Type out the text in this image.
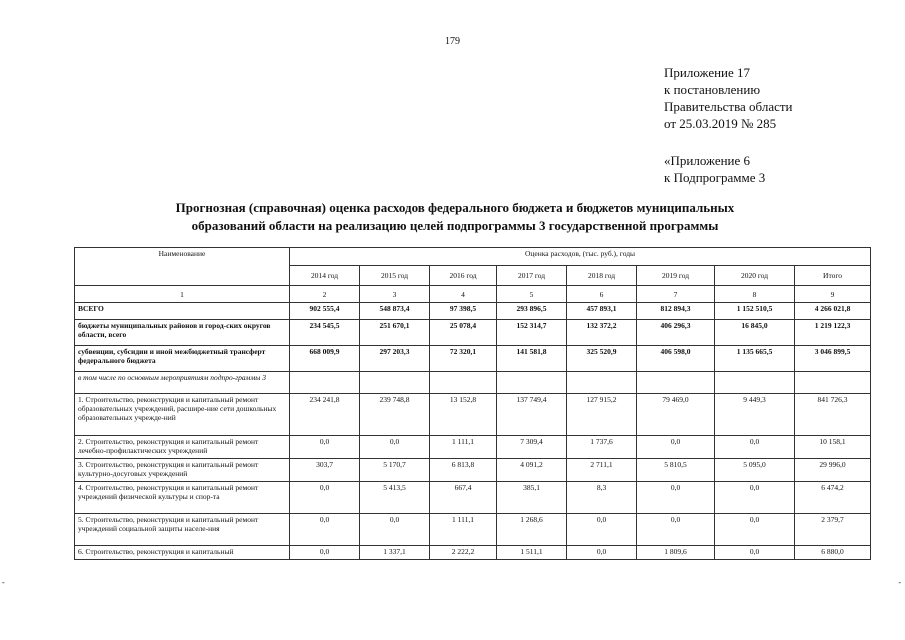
179
Приложение 17
к постановлению
Правительства области
от 25.03.2019 № 285
«Приложение 6
к Подпрограмме 3
Прогнозная (справочная) оценка расходов федерального бюджета и бюджетов муниципальных
образований области на реализацию целей подпрограммы 3 государственной программы
Наименование	Оценка расходов, (тыс. руб.), годы							
	2014 год	2015 год	2016 год	2017 год	2018 год	2019 год	2020 год	Итого
1	2	3	4	5	6	7	8	9
ВСЕГО	902 555,4	548 873,4	97 398,5	293 896,5	457 893,1	812 894,3	1 152 510,5	4 266 021,8
бюджеты муниципальных районов и город-ских округов области, всего	234 545,5	251 670,1	25 078,4	152 314,7	132 372,2	406 296,3	16 845,0	1 219 122,3
субвенции, субсидии и иной межбюджетный трансферт федерального бюджета	668 009,9	297 203,3	72 320,1	141 581,8	325 520,9	406 598,0	1 135 665,5	3 046 899,5
в том числе по основным мероприятиям подпро-граммы 3								
1. Строительство, реконструкция и капитальный ремонт образовательных учреждений, расшире-ние сети дошкольных образовательных учрежде-ний	234 241,8	239 748,8	13 152,8	137 749,4	127 915,2	79 469,0	9 449,3	841 726,3
2. Строительство, реконструкция и капитальный ремонт лечебно-профилактических учреждений	0,0	0,0	1 111,1	7 309,4	1 737,6	0,0	0,0	10 158,1
3. Строительство, реконструкция и капитальный ремонт культурно-досуговых учреждений	303,7	5 170,7	6 813,8	4 091,2	2 711,1	5 810,5	5 095,0	29 996,0
4. Строительство, реконструкция и капитальный ремонт учреждений физической культуры и спор-та	0,0	5 413,5	667,4	385,1	8,3	0,0	0,0	6 474,2
5. Строительство, реконструкция и капитальный ремонт учреждений социальной защиты населе-ния	0,0	0,0	1 111,1	1 268,6	0,0	0,0	0,0	2 379,7
6. Строительство, реконструкция и капитальный	0,0	1 337,1	2 222,2	1 511,1	0,0	1 809,6	0,0	6 880,0
-	-
